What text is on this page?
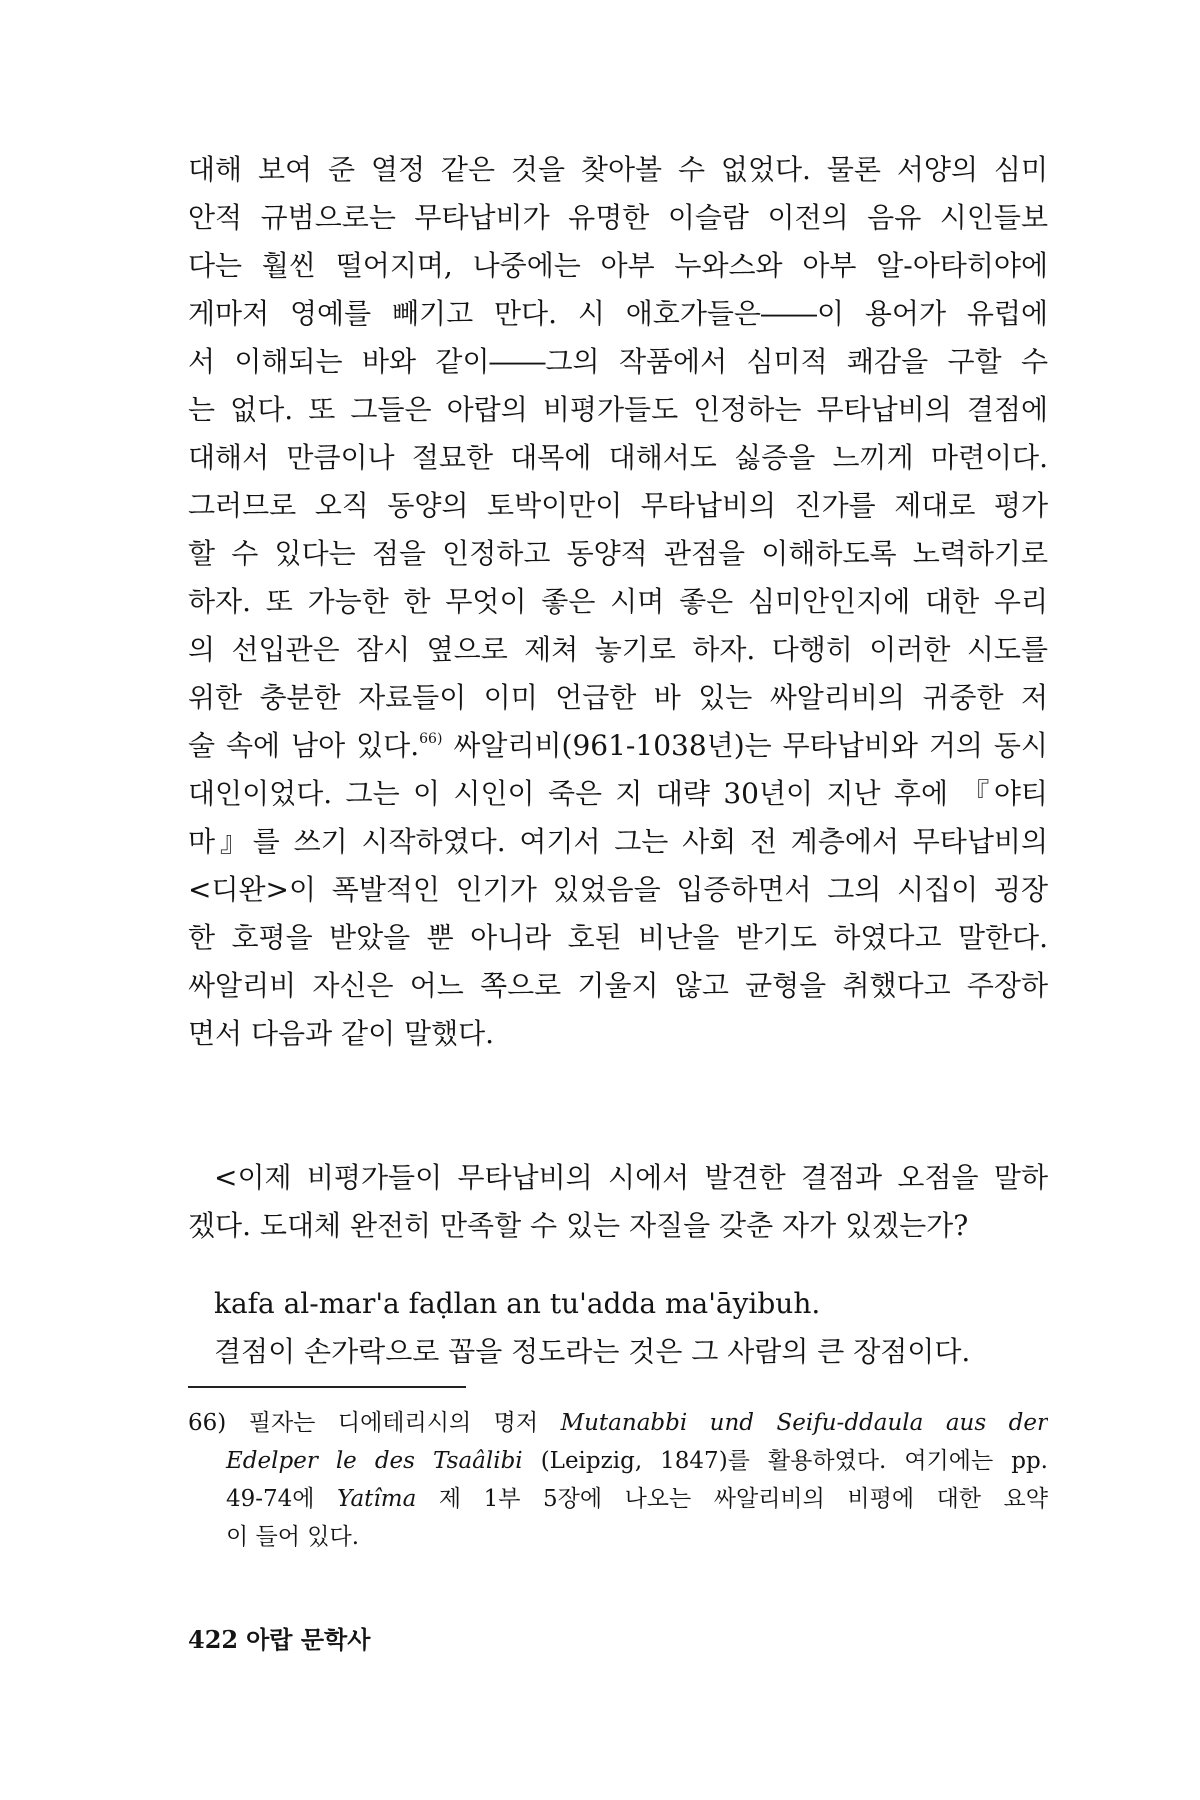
대해 보여 준 열정 같은 것을 찾아볼 수 없었다. 물론 서양의 심미
안적 규범으로는 무타납비가 유명한 이슬람 이전의 음유 시인들보
다는 훨씬 떨어지며, 나중에는 아부 누와스와 아부 알-아타히야에
게마저 영예를 빼기고 만다. 시 애호가들은――이 용어가 유럽에
서 이해되는 바와 같이――그의 작품에서 심미적 쾌감을 구할 수
는 없다. 또 그들은 아랍의 비평가들도 인정하는 무타납비의 결점에
대해서 만큼이나 절묘한 대목에 대해서도 싫증을 느끼게 마련이다.
그러므로 오직 동양의 토박이만이 무타납비의 진가를 제대로 평가
할 수 있다는 점을 인정하고 동양적 관점을 이해하도록 노력하기로
하자. 또 가능한 한 무엇이 좋은 시며 좋은 심미안인지에 대한 우리
의 선입관은 잠시 옆으로 제쳐 놓기로 하자. 다행히 이러한 시도를
위한 충분한 자료들이 이미 언급한 바 있는 싸알리비의 귀중한 저
술 속에 남아 있다.$^{66)}$ 싸알리비(961-1038년)는 무타납비와 거의 동시
대인이었다. 그는 이 시인이 죽은 지 대략 30년이 지난 후에 『야티
마』를 쓰기 시작하였다. 여기서 그는 사회 전 계층에서 무타납비의
<디완>이 폭발적인 인기가 있었음을 입증하면서 그의 시집이 굉장
한 호평을 받았을 뿐 아니라 호된 비난을 받기도 하였다고 말한다.
싸알리비 자신은 어느 쪽으로 기울지 않고 균형을 취했다고 주장하
면서 다음과 같이 말했다.
<이제 비평가들이 무타납비의 시에서 발견한 결점과 오점을 말하
겠다. 도대체 완전히 만족할 수 있는 자질을 갖춘 자가 있겠는가?
kafa al-mar'a faḍlan an tu'adda ma'āyibuh.
결점이 손가락으로 꼽을 정도라는 것은 그 사람의 큰 장점이다.
66) 필자는 디에테리시의 명저 Mutanabbi und Seifu-ddaula aus der
Edelper le des Tsaâlibi (Leipzig, 1847)를 활용하였다. 여기에는 pp.
49-74에 Yatîma 제 1부 5장에 나오는 싸알리비의 비평에 대한 요약
이 들어 있다.
422 아랍 문학사
